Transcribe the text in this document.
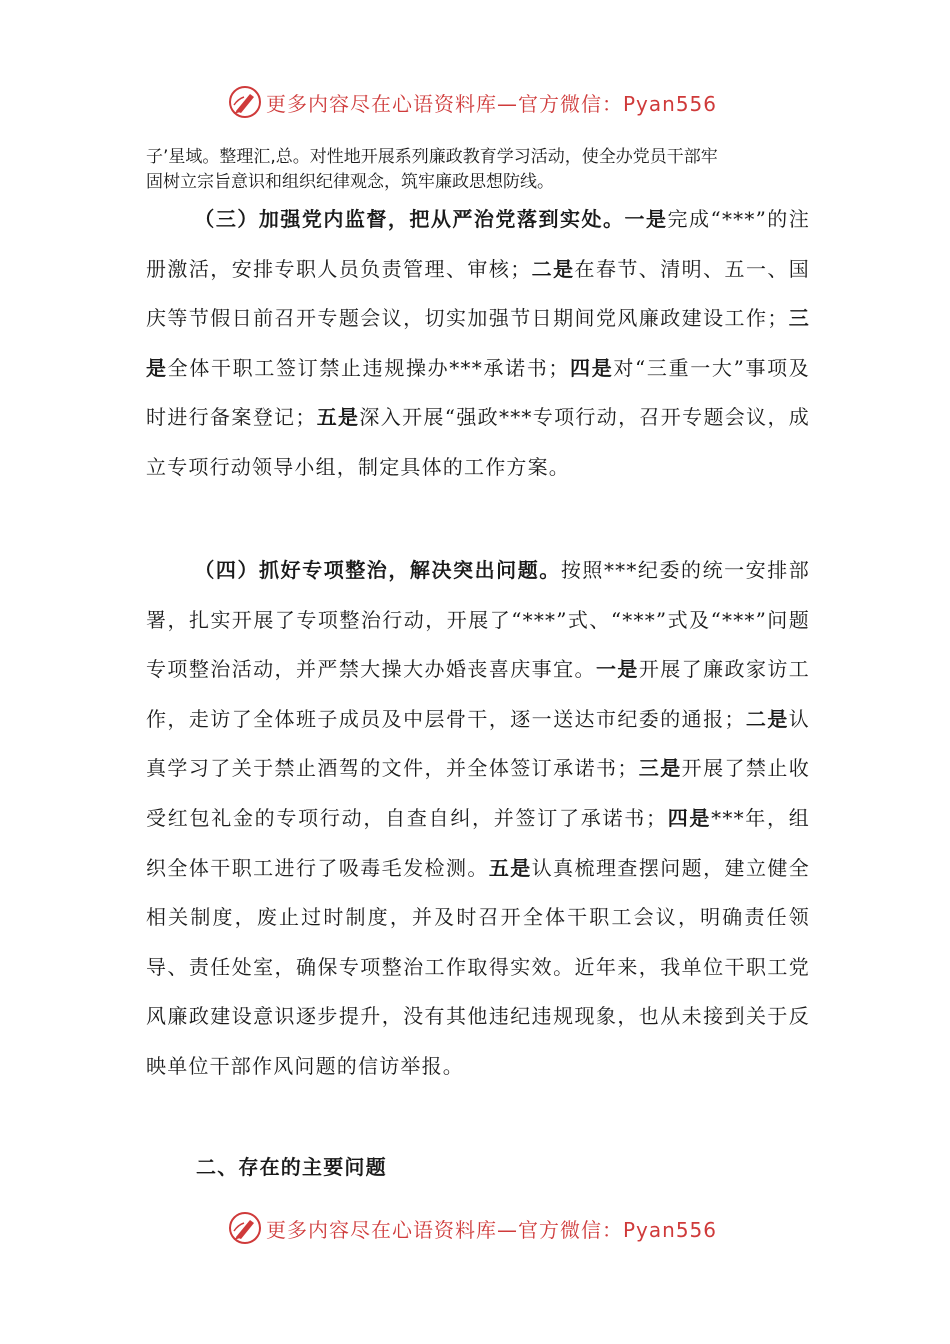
更多内容尽在心语资料库—官方微信：Pyan556

子’星域。整理汇,总。对性地开展系列廉政教育学习活动，使全办党员干部牢
固树立宗旨意识和组织纪律观念，筑牢廉政思想防线。

（三）加强党内监督，把从严治党落到实处。一是完成“***”的注册激活，安排专职人员负责管理、审核；二是在春节、清明、五一、国庆等节假日前召开专题会议，切实加强节日期间党风廉政建设工作；三是全体干职工签订禁止违规操办***承诺书；四是对“三重一大”事项及时进行备案登记；五是深入开展“强政***专项行动，召开专题会议，成立专项行动领导小组，制定具体的工作方案。

（四）抓好专项整治，解决突出问题。按照***纪委的统一安排部署，扎实开展了专项整治行动，开展了“***”式、“***”式及“***”问题专项整治活动，并严禁大操大办婚丧喜庆事宜。一是开展了廉政家访工作，走访了全体班子成员及中层骨干，逐一送达市纪委的通报；二是认真学习了关于禁止酒驾的文件，并全体签订承诺书；三是开展了禁止收受红包礼金的专项行动，自查自纠，并签订了承诺书；四是***年，组织全体干职工进行了吸毒毛发检测。五是认真梳理查摆问题，建立健全相关制度，废止过时制度，并及时召开全体干职工会议，明确责任领导、责任处室，确保专项整治工作取得实效。近年来，我单位干职工党风廉政建设意识逐步提升，没有其他违纪违规现象，也从未接到关于反映单位干部作风问题的信访举报。

二、存在的主要问题

更多内容尽在心语资料库—官方微信：Pyan556
